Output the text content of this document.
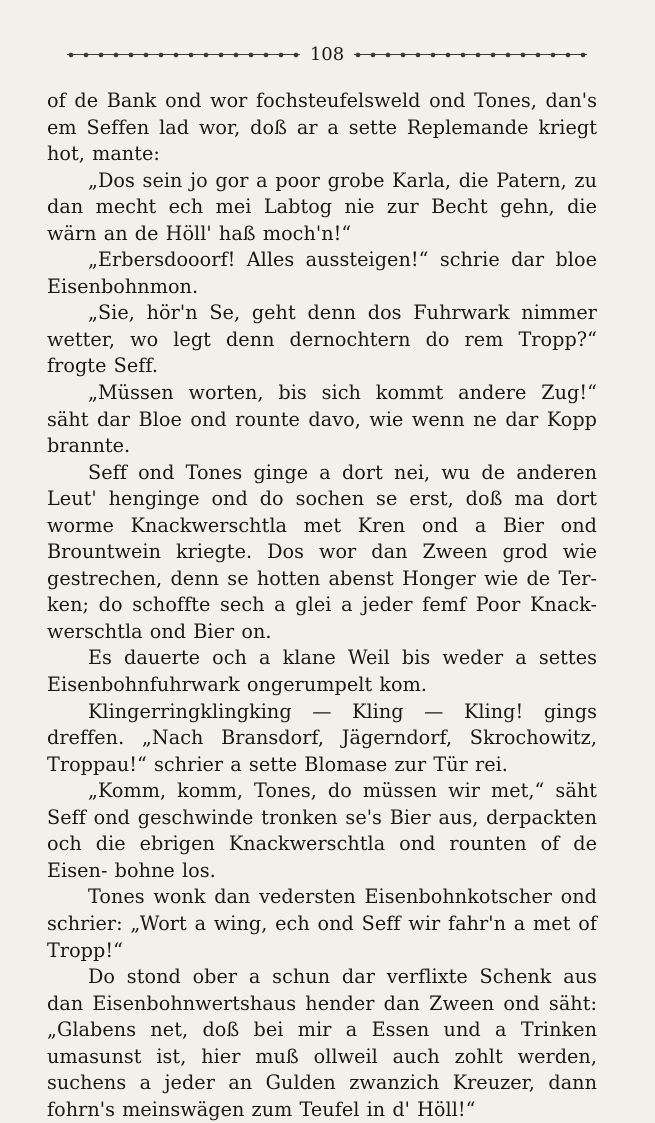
108

of de Bank ond wor fochsteufelsweld ond Tones, dan's em Seffen lad wor, doß ar a sette Replemande kriegt hot, mante:

„Dos sein jo gor a poor grobe Karla, die Patern, zu dan mecht ech mei Labtog nie zur Becht gehn, die wärn an de Höll' haß moch'n!“

„Erbersdooorf! Alles aussteigen!“ schrie dar bloe Eisenbohnmon.

„Sie, hör'n Se, geht denn dos Fuhrwark nimmer wetter, wo legt denn dernochtern do rem Tropp?“ frogte Seff.

„Müssen worten, bis sich kommt andere Zug!“ säht dar Bloe ond rounte davo, wie wenn ne dar Kopp brannte.

Seff ond Tones ginge a dort nei, wu de anderen Leut' henginge ond do sochen se erst, doß ma dort worme Knackwerschtla met Kren ond a Bier ond Brountwein kriegte. Dos wor dan Zween grod wie gestrechen, denn se hotten abenst Honger wie de Ter- ken; do schoffte sech a glei a jeder femf Poor Knack- werschtla ond Bier on.

Es dauerte och a klane Weil bis weder a settes Eisenbohnfuhrwark ongerumpelt kom.

Klingerringklingking — Kling — Kling! gings dreffen. „Nach Bransdorf, Jägerndorf, Skrochowitz, Troppau!“ schrier a sette Blomase zur Tür rei.

„Komm, komm, Tones, do müssen wir met,“ säht Seff ond geschwinde tronken se's Bier aus, derpackten och die ebrigen Knackwerschtla ond rounten of de Eisen- bohne los.

Tones wonk dan vedersten Eisenbohnkotscher ond schrier: „Wort a wing, ech ond Seff wir fahr'n a met of Tropp!“

Do stond ober a schun dar verflixte Schenk aus dan Eisenbohnwertshaus hender dan Zween ond säht: „Glabens net, doß bei mir a Essen und a Trinken umasunst ist, hier muß ollweil auch zohlt werden, suchens a jeder an Gulden zwanzich Kreuzer, dann fohrn's meinswägen zum Teufel in d' Höll!“
